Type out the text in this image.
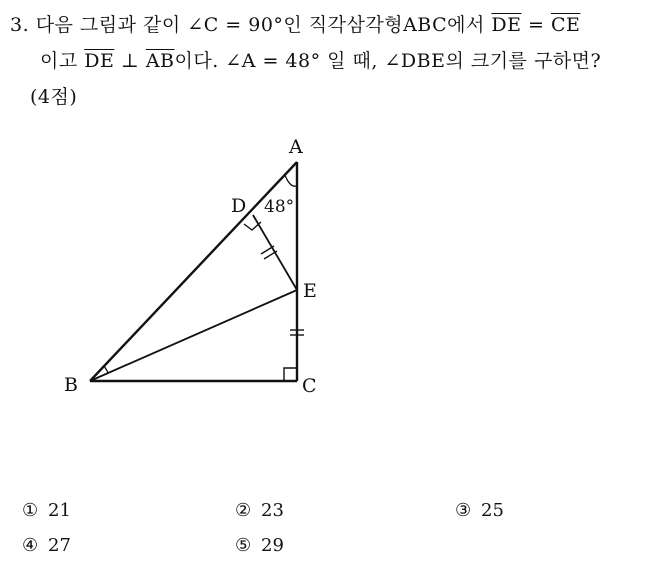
3. 다음 그림과 같이 ∠C = 90°인 직각삼각형ABC에서 $\overline{DE} = \overline{CE}$
이고 $\overline{DE}$ ⊥ $\overline{AB}$이다. ∠A = 48° 일 때, ∠DBE의 크기를 구하면?
(4점)
A
B	C
D
E
48°
① 21	② 23	③ 25
④ 27	⑤ 29
